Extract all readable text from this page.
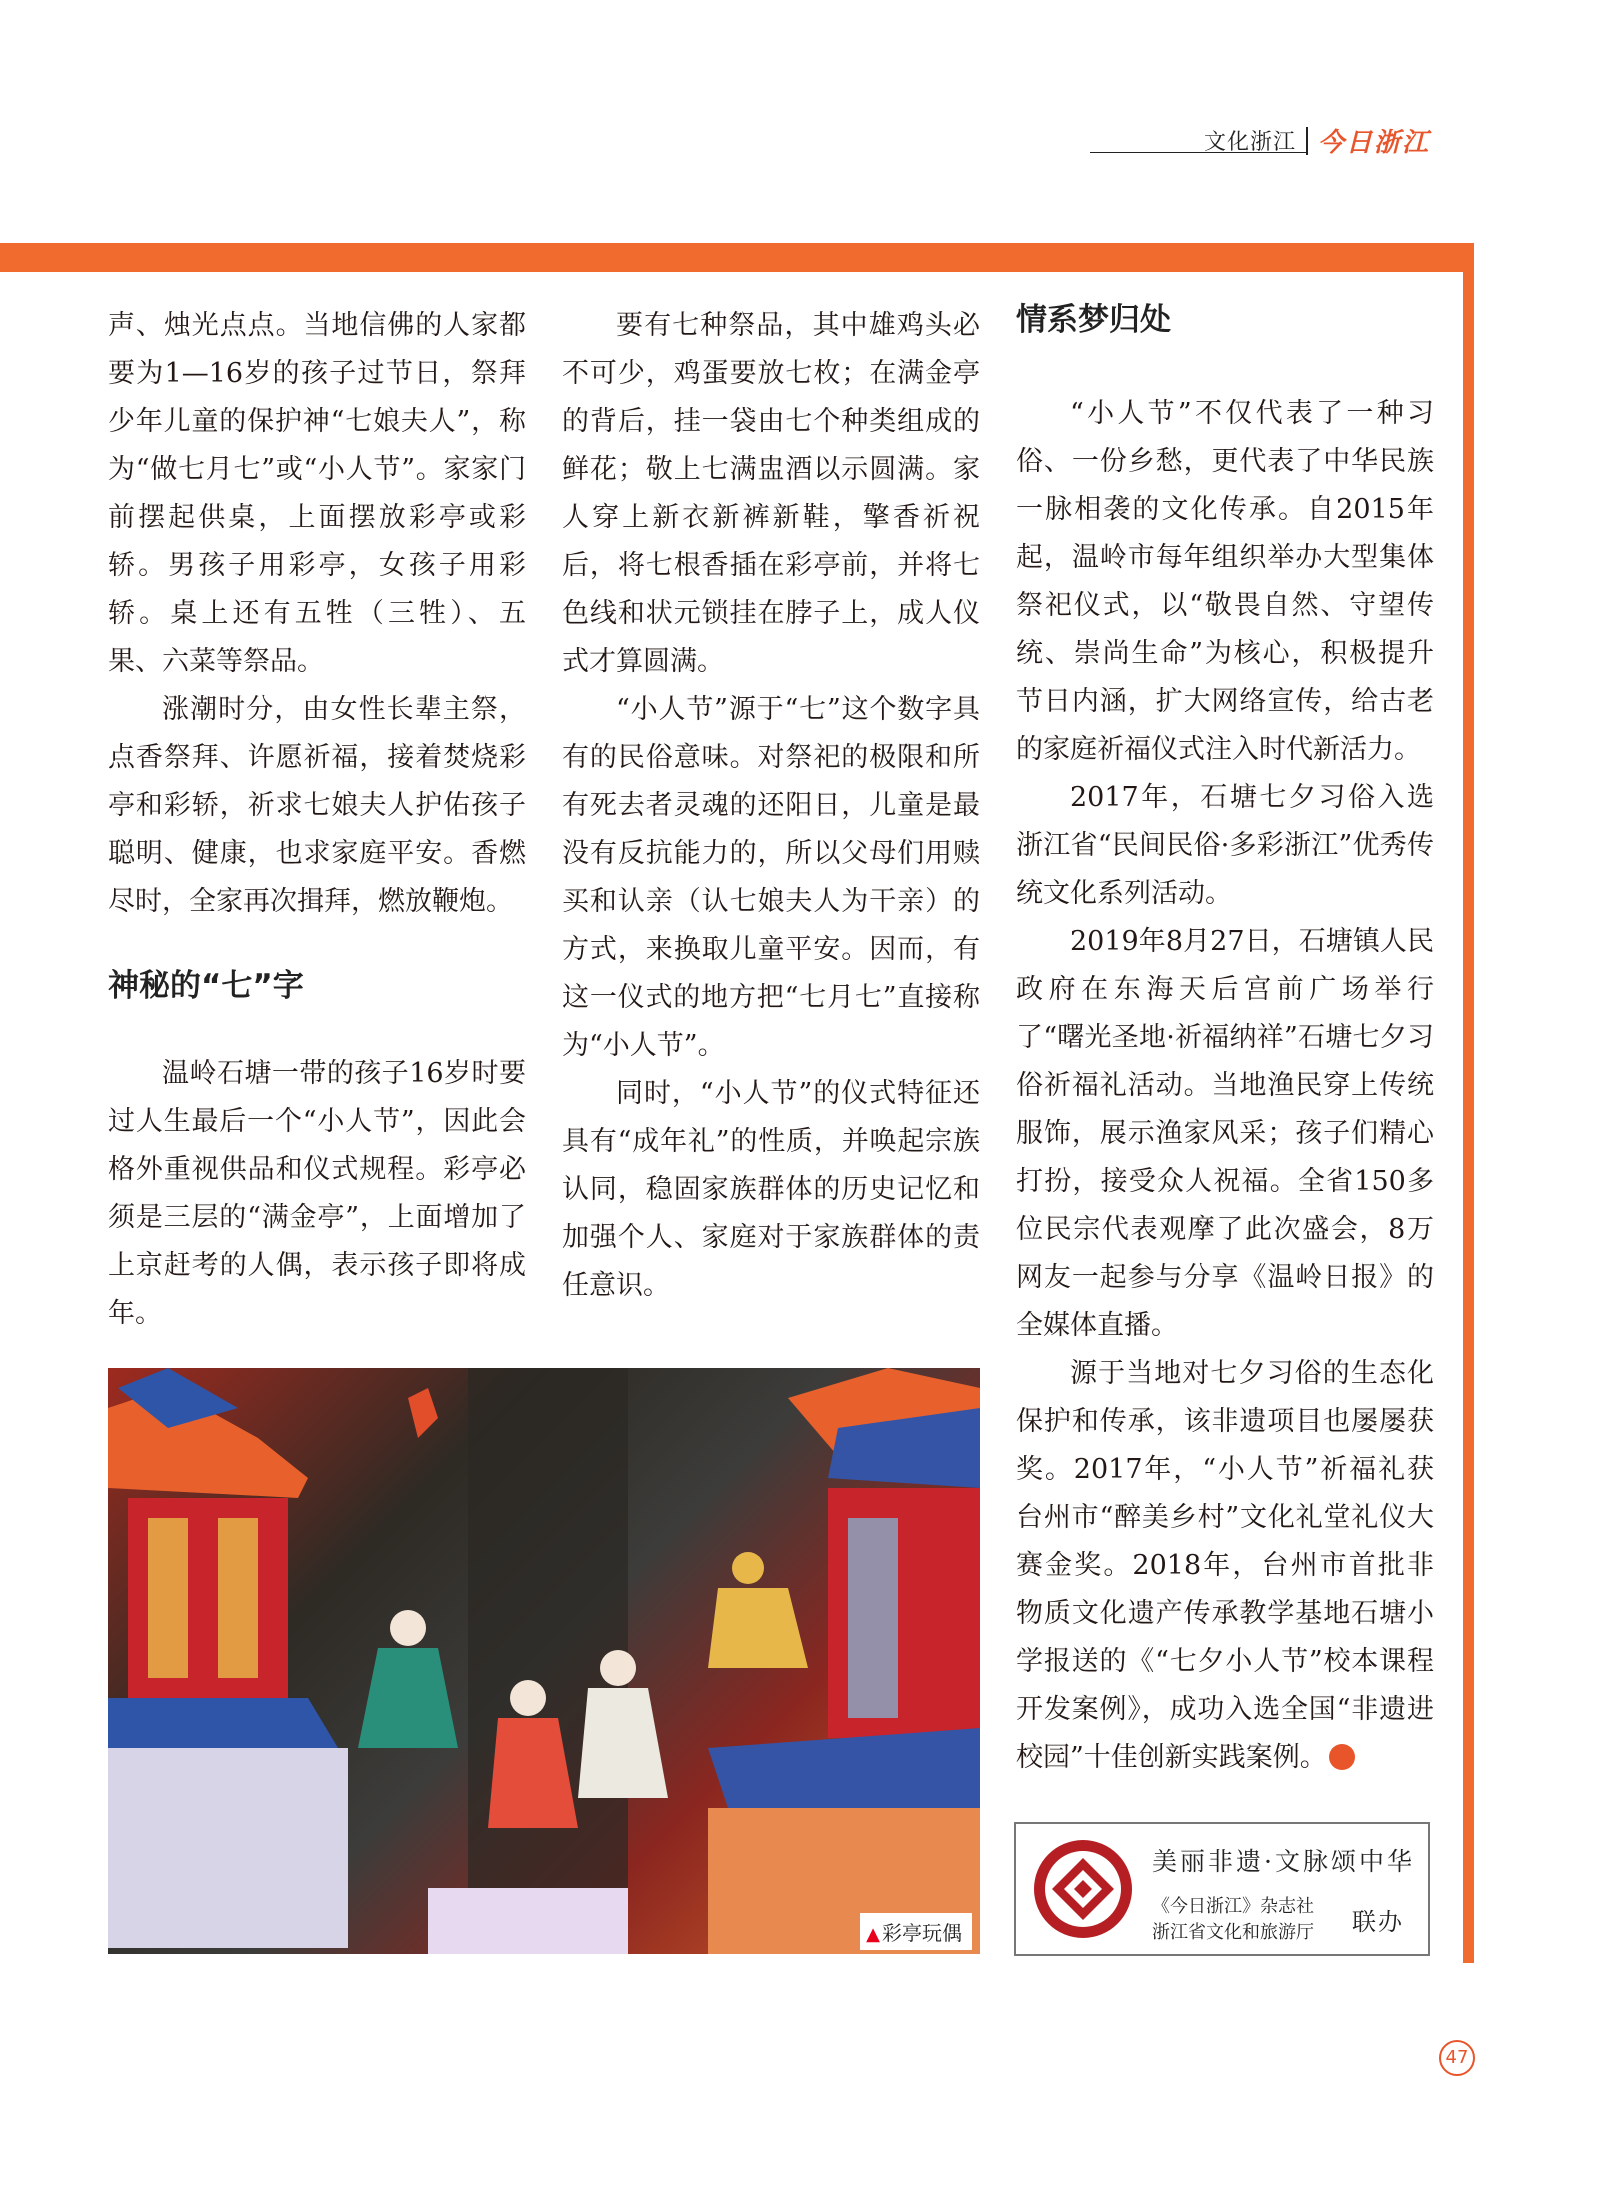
文化浙江 今日浙江

声、烛光点点。当地信佛的人家都要为1—16岁的孩子过节日，祭拜少年儿童的保护神“七娘夫人”，称为“做七月七”或“小人节”。家家门前摆起供桌，上面摆放彩亭或彩轿。男孩子用彩亭，女孩子用彩轿。桌上还有五牲（三牲）、五果、六菜等祭品。

涨潮时分，由女性长辈主祭，点香祭拜、许愿祈福，接着焚烧彩亭和彩轿，祈求七娘夫人护佑孩子聪明、健康，也求家庭平安。香燃尽时，全家再次揖拜，燃放鞭炮。

神秘的“七”字

温岭石塘一带的孩子16岁时要过人生最后一个“小人节”，因此会格外重视供品和仪式规程。彩亭必须是三层的“满金亭”，上面增加了上京赶考的人偶，表示孩子即将成年。

要有七种祭品，其中雄鸡头必不可少，鸡蛋要放七枚；在满金亭的背后，挂一袋由七个种类组成的鲜花；敬上七满盅酒以示圆满。家人穿上新衣新裤新鞋，擎香祈祝后，将七根香插在彩亭前，并将七色线和状元锁挂在脖子上，成人仪式才算圆满。

“小人节”源于“七”这个数字具有的民俗意味。对祭祀的极限和所有死去者灵魂的还阳日，儿童是最没有反抗能力的，所以父母们用赎买和认亲（认七娘夫人为干亲）的方式，来换取儿童平安。因而，有这一仪式的地方把“七月七”直接称为“小人节”。

同时，“小人节”的仪式特征还具有“成年礼”的性质，并唤起宗族认同，稳固家族群体的历史记忆和加强个人、家庭对于家族群体的责任意识。

情系梦归处

“小人节”不仅代表了一种习俗、一份乡愁，更代表了中华民族一脉相袭的文化传承。自2015年起，温岭市每年组织举办大型集体祭祀仪式，以“敬畏自然、守望传统、崇尚生命”为核心，积极提升节日内涵，扩大网络宣传，给古老的家庭祈福仪式注入时代新活力。

2017年，石塘七夕习俗入选浙江省“民间民俗·多彩浙江”优秀传统文化系列活动。

2019年8月27日，石塘镇人民政府在东海天后宫前广场举行了“曙光圣地·祈福纳祥”石塘七夕习俗祈福礼活动。当地渔民穿上传统服饰，展示渔家风采；孩子们精心打扮，接受众人祝福。全省150多位民宗代表观摩了此次盛会，8万网友一起参与分享《温岭日报》的全媒体直播。

源于当地对七夕习俗的生态化保护和传承，该非遗项目也屡屡获奖。2017年，“小人节”祈福礼获台州市“醉美乡村”文化礼堂礼仪大赛金奖。2018年，台州市首批非物质文化遗产传承教学基地石塘小学报送的《“七夕小人节”校本课程开发案例》，成功入选全国“非遗进校园”十佳创新实践案例。

▲ 彩亭玩偶
美丽非遗·文脉颂中华
《今日浙江》杂志社
浙江省文化和旅游厅 联办
47
